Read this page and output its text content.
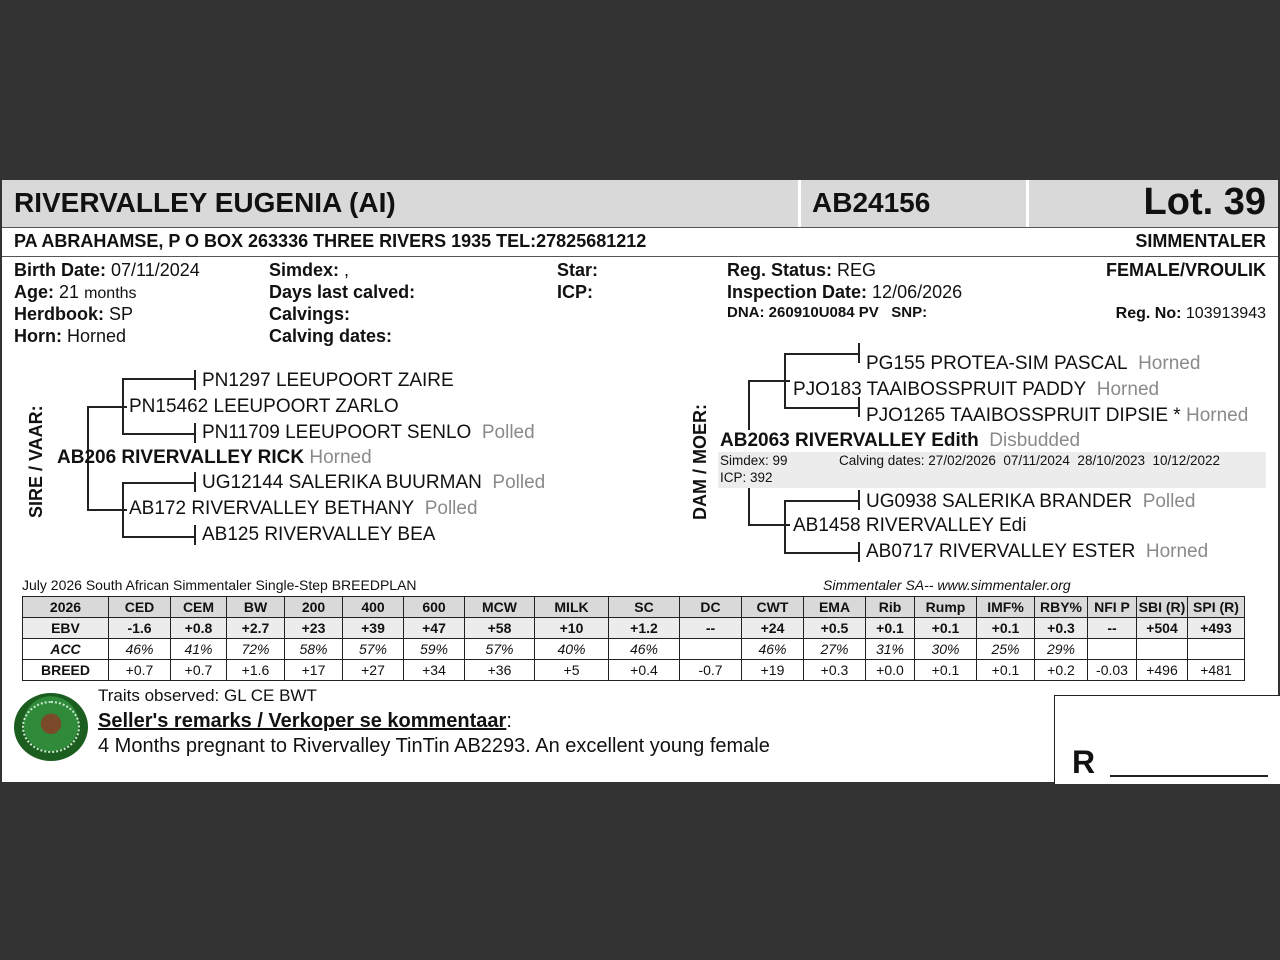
RIVERVALLEY EUGENIA (AI)	AB24156	Lot. 39
PA ABRAHAMSE, P O BOX 263336 THREE RIVERS 1935 TEL:27825681212	SIMMENTALER
Birth Date: 07/11/2024
Age: 21 months
Herdbook: SP
Horn: Horned
Simdex: ,
Days last calved:
Calvings:
Calving dates:
Star:
ICP:
Reg. Status: REG
Inspection Date: 12/06/2026
DNA: 260910U084 PV SNP:
FEMALE/VROULIK
Reg. No: 103913943
SIRE / VAAR:
PN1297 LEEUPOORT ZAIRE
PN15462 LEEUPOORT ZARLO
PN11709 LEEUPOORT SENLO Polled
AB206 RIVERVALLEY RICK Horned
UG12144 SALERIKA BUURMAN Polled
AB172 RIVERVALLEY BETHANY Polled
AB125 RIVERVALLEY BEA
DAM / MOER:
PG155 PROTEA-SIM PASCAL Horned
PJO183 TAAIBOSSPRUIT PADDY Horned
PJO1265 TAAIBOSSPRUIT DIPSIE * Horned
AB2063 RIVERVALLEY Edith Disbudded
Simdex: 99	Calving dates: 27/02/2026  07/11/2024  28/10/2023  10/12/2022
ICP: 392
UG0938 SALERIKA BRANDER Polled
AB1458 RIVERVALLEY Edi
AB0717 RIVERVALLEY ESTER Horned
July 2026 South African Simmentaler Single-Step BREEDPLAN	Simmentaler SA-- www.simmentaler.org
2026	CED	CEM	BW	200	400	600	MCW	MILK	SC	DC	CWT	EMA	Rib	Rump	IMF%	RBY%	NFI P	SBI (R)	SPI (R)
EBV	-1.6	+0.8	+2.7	+23	+39	+47	+58	+10	+1.2	--	+24	+0.5	+0.1	+0.1	+0.1	+0.3	--	+504	+493
ACC	46%	41%	72%	58%	57%	59%	57%	40%	46%		46%	27%	31%	30%	25%	29%			
BREED	+0.7	+0.7	+1.6	+17	+27	+34	+36	+5	+0.4	-0.7	+19	+0.3	+0.0	+0.1	+0.1	+0.2	-0.03	+496	+481
Traits observed: GL CE BWT
Seller's remarks / Verkoper se kommentaar:
4 Months pregnant to Rivervalley TinTin AB2293. An excellent young female	R
